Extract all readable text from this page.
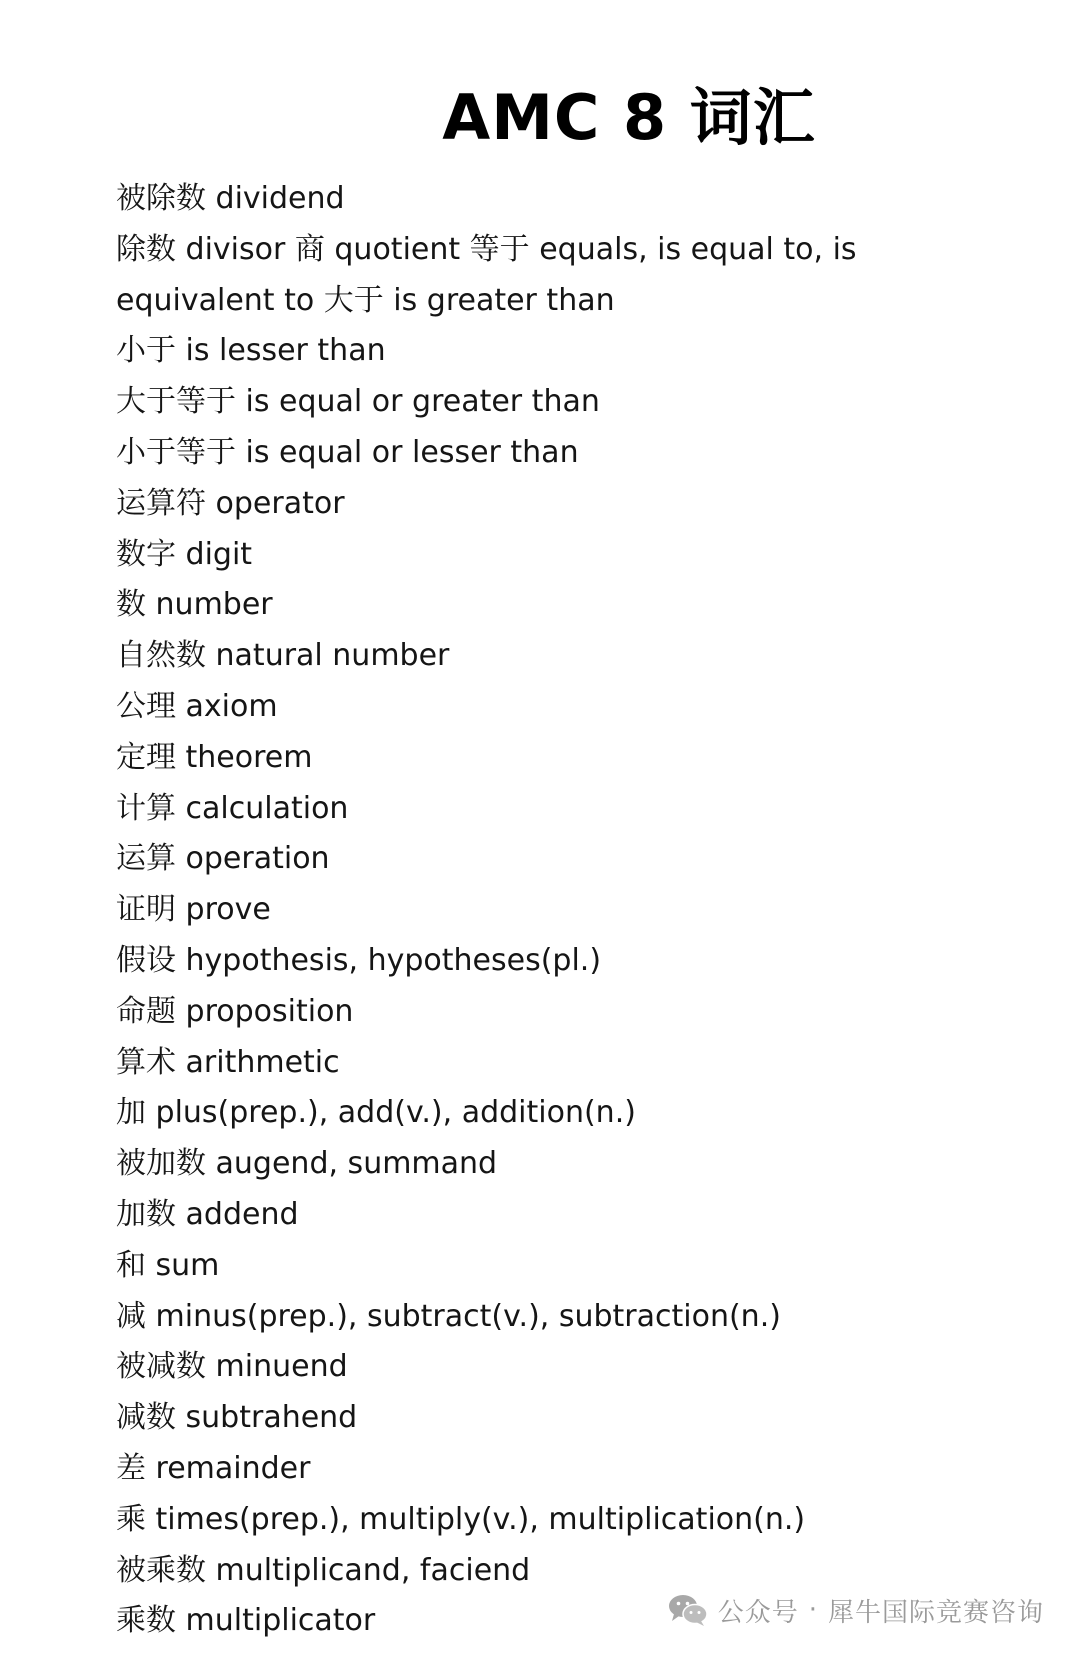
AMC 8 词汇
被除数 dividend
除数 divisor 商 quotient 等于 equals, is equal to, is
equivalent to 大于 is greater than
小于 is lesser than
大于等于 is equal or greater than
小于等于 is equal or lesser than
运算符 operator
数字 digit
数 number
自然数 natural number
公理 axiom
定理 theorem
计算 calculation
运算 operation
证明 prove
假设 hypothesis, hypotheses(pl.)
命题 proposition
算术 arithmetic
加 plus(prep.), add(v.), addition(n.)
被加数 augend, summand
加数 addend
和 sum
减 minus(prep.), subtract(v.), subtraction(n.)
被减数 minuend
减数 subtrahend
差 remainder
乘 times(prep.), multiply(v.), multiplication(n.)
被乘数 multiplicand, faciend
乘数 multiplicator	公众号 · 犀牛国际竞赛咨询
